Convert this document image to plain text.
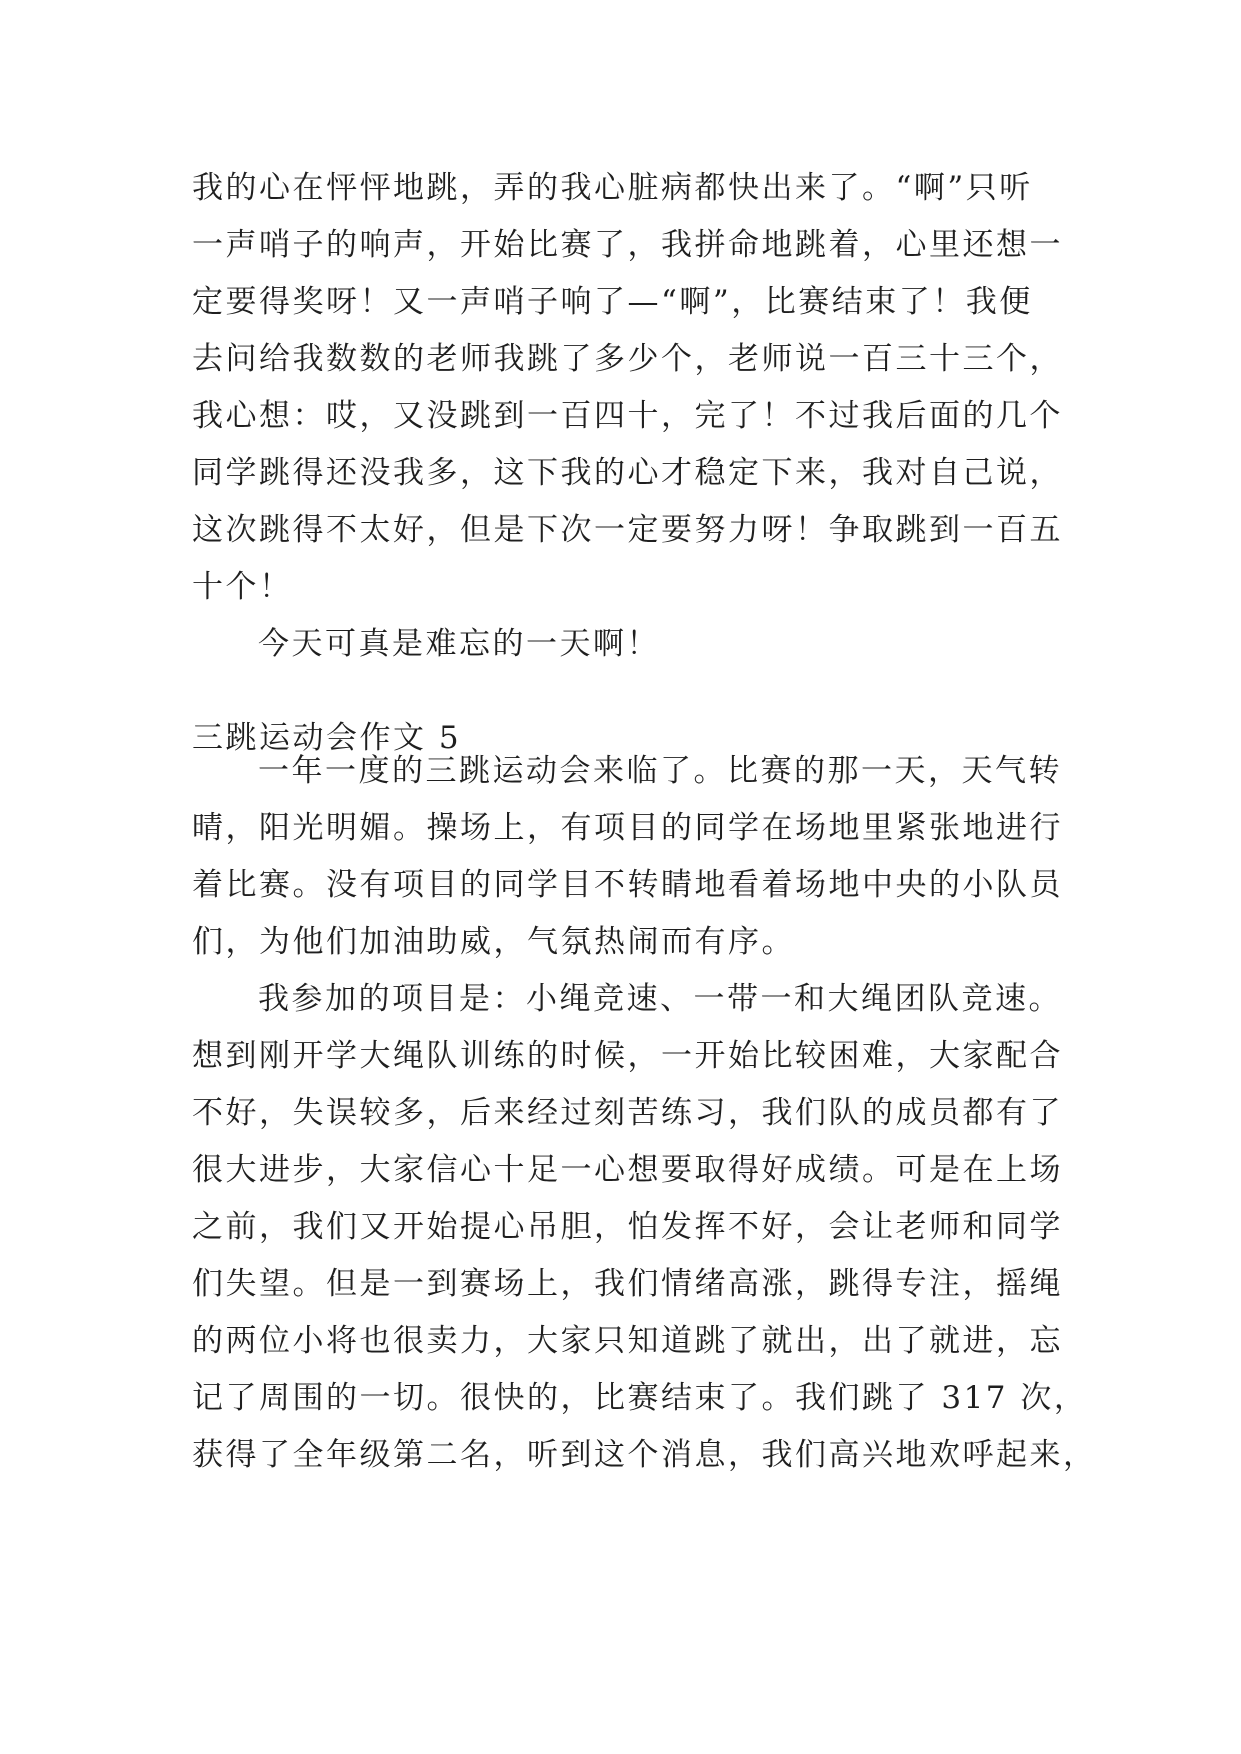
我的心在怦怦地跳，弄的我心脏病都快出来了。“啊”只听
一声哨子的响声，开始比赛了，我拼命地跳着，心里还想一
定要得奖呀！又一声哨子响了—“啊”，比赛结束了！我便
去问给我数数的老师我跳了多少个，老师说一百三十三个，
我心想：哎，又没跳到一百四十，完了！不过我后面的几个
同学跳得还没我多，这下我的心才稳定下来，我对自己说，
这次跳得不太好，但是下次一定要努力呀！争取跳到一百五
十个！
今天可真是难忘的一天啊！
三跳运动会作文 5
一年一度的三跳运动会来临了。比赛的那一天，天气转
晴，阳光明媚。操场上，有项目的同学在场地里紧张地进行
着比赛。没有项目的同学目不转睛地看着场地中央的小队员
们，为他们加油助威，气氛热闹而有序。
我参加的项目是：小绳竞速、一带一和大绳团队竞速。
想到刚开学大绳队训练的时候，一开始比较困难，大家配合
不好，失误较多，后来经过刻苦练习，我们队的成员都有了
很大进步，大家信心十足一心想要取得好成绩。可是在上场
之前，我们又开始提心吊胆，怕发挥不好，会让老师和同学
们失望。但是一到赛场上，我们情绪高涨，跳得专注，摇绳
的两位小将也很卖力，大家只知道跳了就出，出了就进，忘
记了周围的一切。很快的，比赛结束了。我们跳了 317 次，
获得了全年级第二名，听到这个消息，我们高兴地欢呼起来，
